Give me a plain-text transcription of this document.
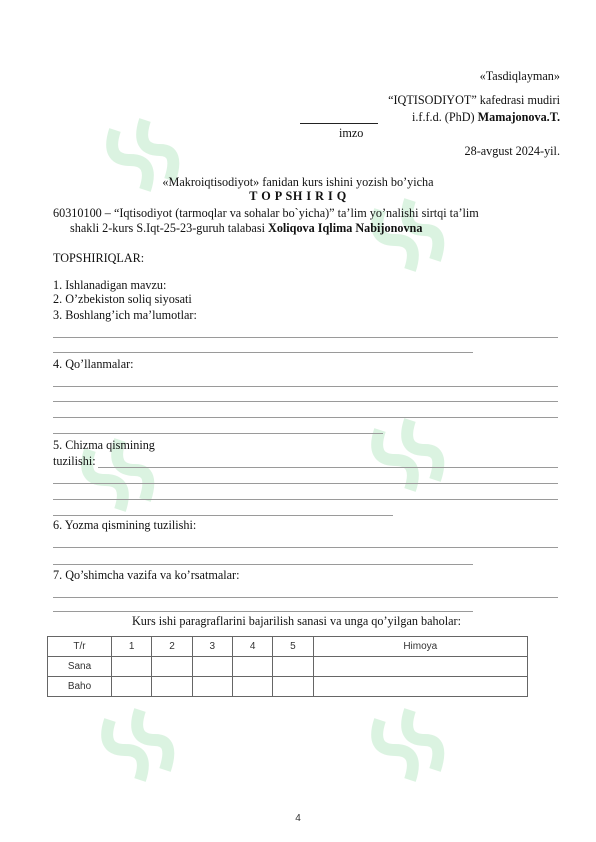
«Tasdiqlayman»
“IQTISODIYOT” kafedrasi mudiri
i.f.f.d. (PhD) Mamajonova.T.
imzo
28-avgust 2024-yil.
«Makroiqtisodiyot» fanidan kurs ishini yozish bo’yicha
T O P SH I R I Q
60310100 – “Iqtisodiyot (tarmoqlar va sohalar bo`yicha)” ta’lim yo’nalishi sirtqi ta’lim
shakli 2-kurs S.Iqt-25-23-guruh talabasi Xoliqova Iqlima Nabijonovna
TOPSHIRIQLAR:
1. Ishlanadigan mavzu:
2. O’zbekiston soliq siyosati
3. Boshlang’ich ma’lumotlar:
4. Qo’llanmalar:
5. Chizma qismining
tuzilishi:
6. Yozma qismining tuzilishi:
7. Qo’shimcha vazifa va ko’rsatmalar:
Kurs ishi paragraflarini bajarilish sanasi va unga qo’yilgan baholar:
T/r	1	2	3	4	5	Himoya
Sana						
Baho						
4
